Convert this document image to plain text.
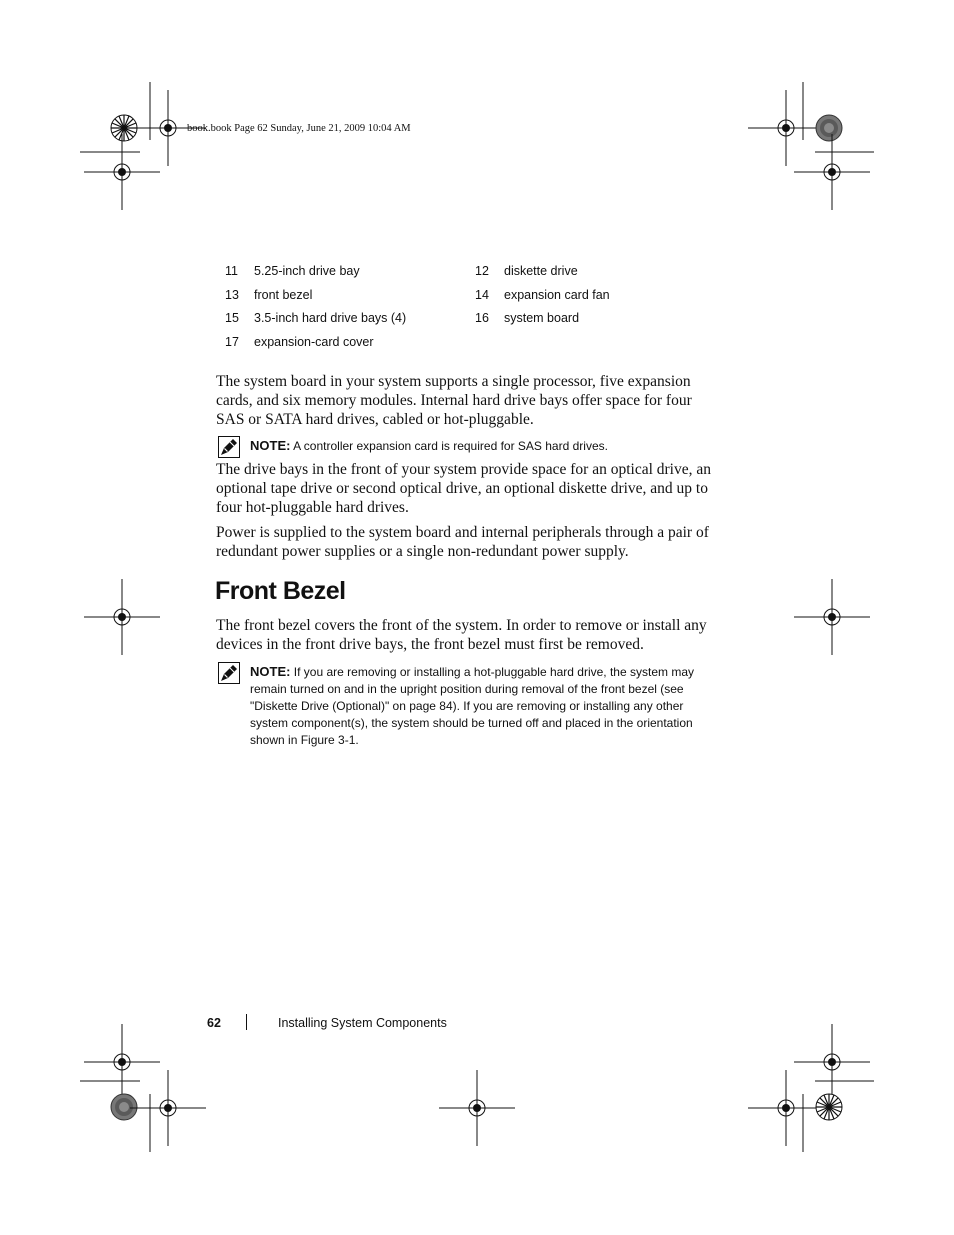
book.book Page 62 Sunday, June 21, 2009 10:04 AM
11 5.25-inch drive bay	12 diskette drive
13 front bezel	14 expansion card fan
15 3.5-inch hard drive bays (4)	16 system board
17 expansion-card cover

The system board in your system supports a single processor, five expansion cards, and six memory modules. Internal hard drive bays offer space for four SAS or SATA hard drives, cabled or hot-pluggable.

NOTE: A controller expansion card is required for SAS hard drives.

The drive bays in the front of your system provide space for an optical drive, an optional tape drive or second optical drive, an optional diskette drive, and up to four hot-pluggable hard drives.

Power is supplied to the system board and internal peripherals through a pair of redundant power supplies or a single non-redundant power supply.

Front Bezel

The front bezel covers the front of the system. In order to remove or install any devices in the front drive bays, the front bezel must first be removed.

NOTE: If you are removing or installing a hot-pluggable hard drive, the system may remain turned on and in the upright position during removal of the front bezel (see "Diskette Drive (Optional)" on page 84). If you are removing or installing any other system component(s), the system should be turned off and placed in the orientation shown in Figure 3-1.
62	Installing System Components
